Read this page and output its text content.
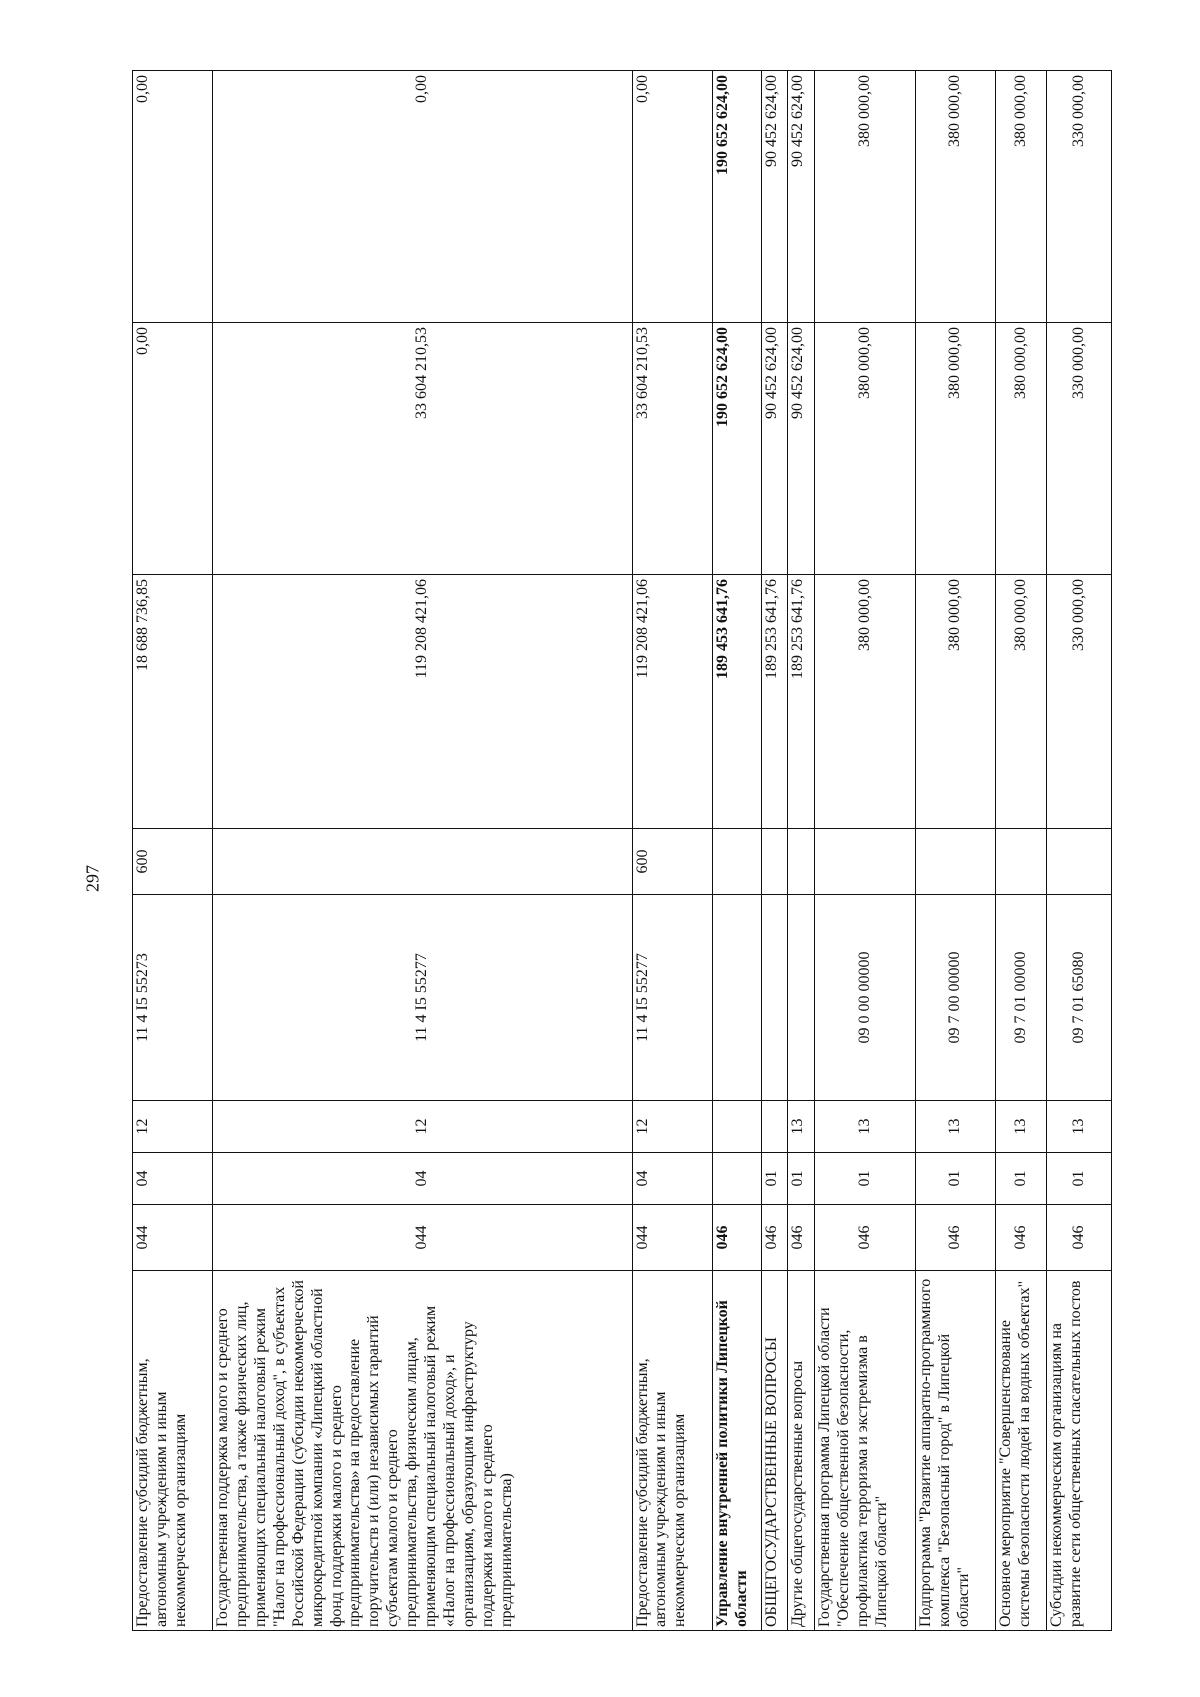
297
Предоставление субсидий бюджетным, автономным учреждениям и иным некоммерческим организациям	044	04	12	11 4 I5 55273	600	18 688 736,85	0,00	0,00
Государственная поддержка малого и среднего предпринимательства, а также физических лиц, применяющих специальный налоговый режим "Налог на профессиональный доход", в субъектах Российской Федерации (субсидии некоммерческой микрокредитной компании «Липецкий областной фонд поддержки малого и среднего предпринимательства» на предоставление поручительств и (или) независимых гарантий субъектам малого и среднего предпринимательства, физическим лицам, применяющим специальный налоговый режим «Налог на профессиональный доход», и организациям, образующим инфраструктуру поддержки малого и среднего предпринимательства)	044	04	12	11 4 I5 55277		119 208 421,06	33 604 210,53	0,00
Предоставление субсидий бюджетным, автономным учреждениям и иным некоммерческим организациям	044	04	12	11 4 I5 55277	600	119 208 421,06	33 604 210,53	0,00
Управление внутренней политики Липецкой области	046					189 453 641,76	190 652 624,00	190 652 624,00
ОБЩЕГОСУДАРСТВЕННЫЕ ВОПРОСЫ	046	01				189 253 641,76	90 452 624,00	90 452 624,00
Другие общегосударственные вопросы	046	01	13			189 253 641,76	90 452 624,00	90 452 624,00
Государственная программа Липецкой области "Обеспечение общественной безопасности, профилактика терроризма и экстремизма в Липецкой области"	046	01	13	09 0 00 00000		380 000,00	380 000,00	380 000,00
Подпрограмма "Развитие аппаратно-программного комплекса "Безопасный город" в Липецкой области"	046	01	13	09 7 00 00000		380 000,00	380 000,00	380 000,00
Основное мероприятие "Совершенствование системы безопасности людей на водных объектах"	046	01	13	09 7 01 00000		380 000,00	380 000,00	380 000,00
Субсидии некоммерческим организациям на развитие сети общественных спасательных постов	046	01	13	09 7 01 65080		330 000,00	330 000,00	330 000,00
